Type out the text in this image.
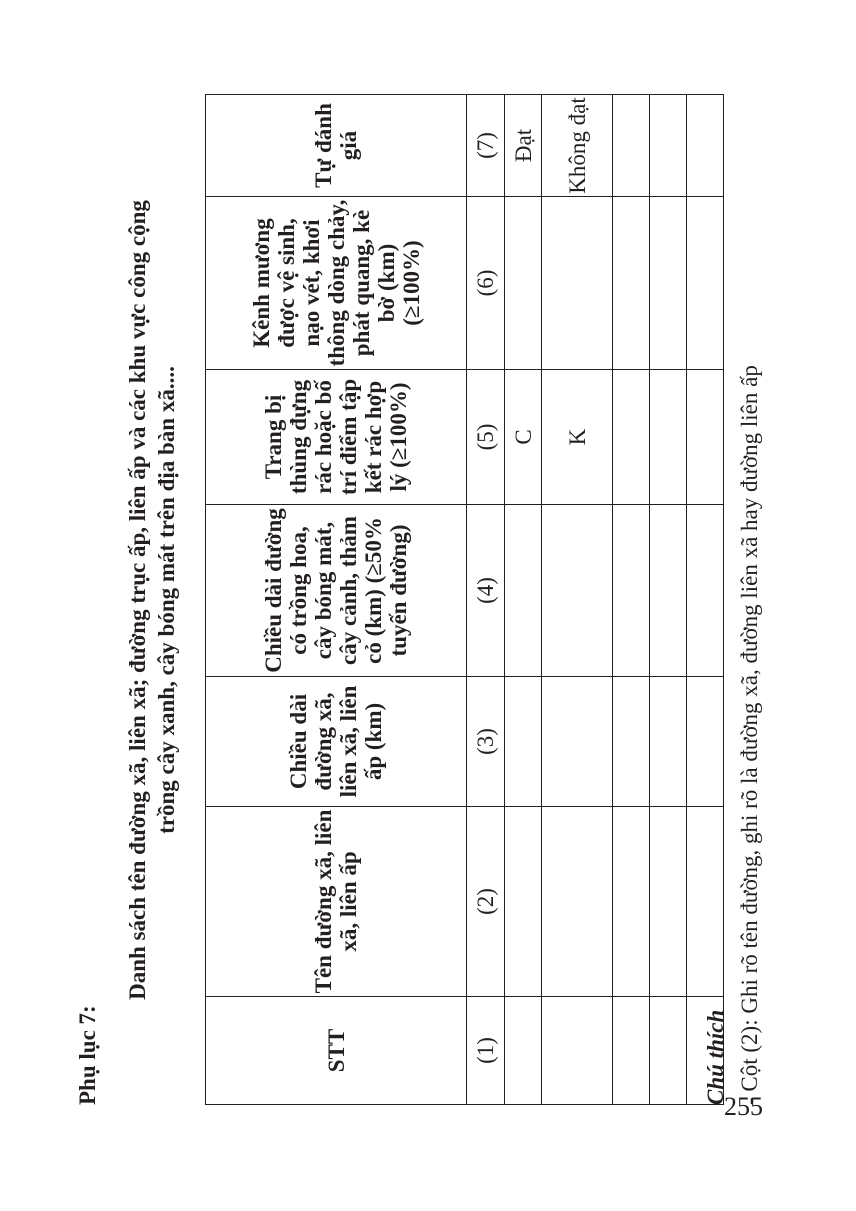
Phụ lục 7:
Danh sách tên đường xã, liên xã; đường trục ấp, liên ấp và các khu vực công cộng trồng cây xanh, cây bóng mát trên địa bàn xã....
STT	Tên đường xã, liên xã, liên ấp	Chiều dài đường xã, liên xã, liên ấp (km)	Chiều dài đường có trồng hoa, cây bóng mát, cây cảnh, thảm cỏ (km) (≥50% tuyến đường)	Trang bị thùng đựng rác hoặc bố trí điểm tập kết rác hợp lý (≥100%)	Kênh mương được vệ sinh, nạo vét, khơi thông dòng chảy, phát quang, kè bờ (km) (≥100%)	Tự đánh giá
(1)	(2)	(3)	(4)	(5)	(6)	(7)
				C		Đạt
				K		Không đạt

Chú thích - Cột (2): Ghi rõ tên đường, ghi rõ là đường xã, đường liên xã hay đường liên ấp
255
